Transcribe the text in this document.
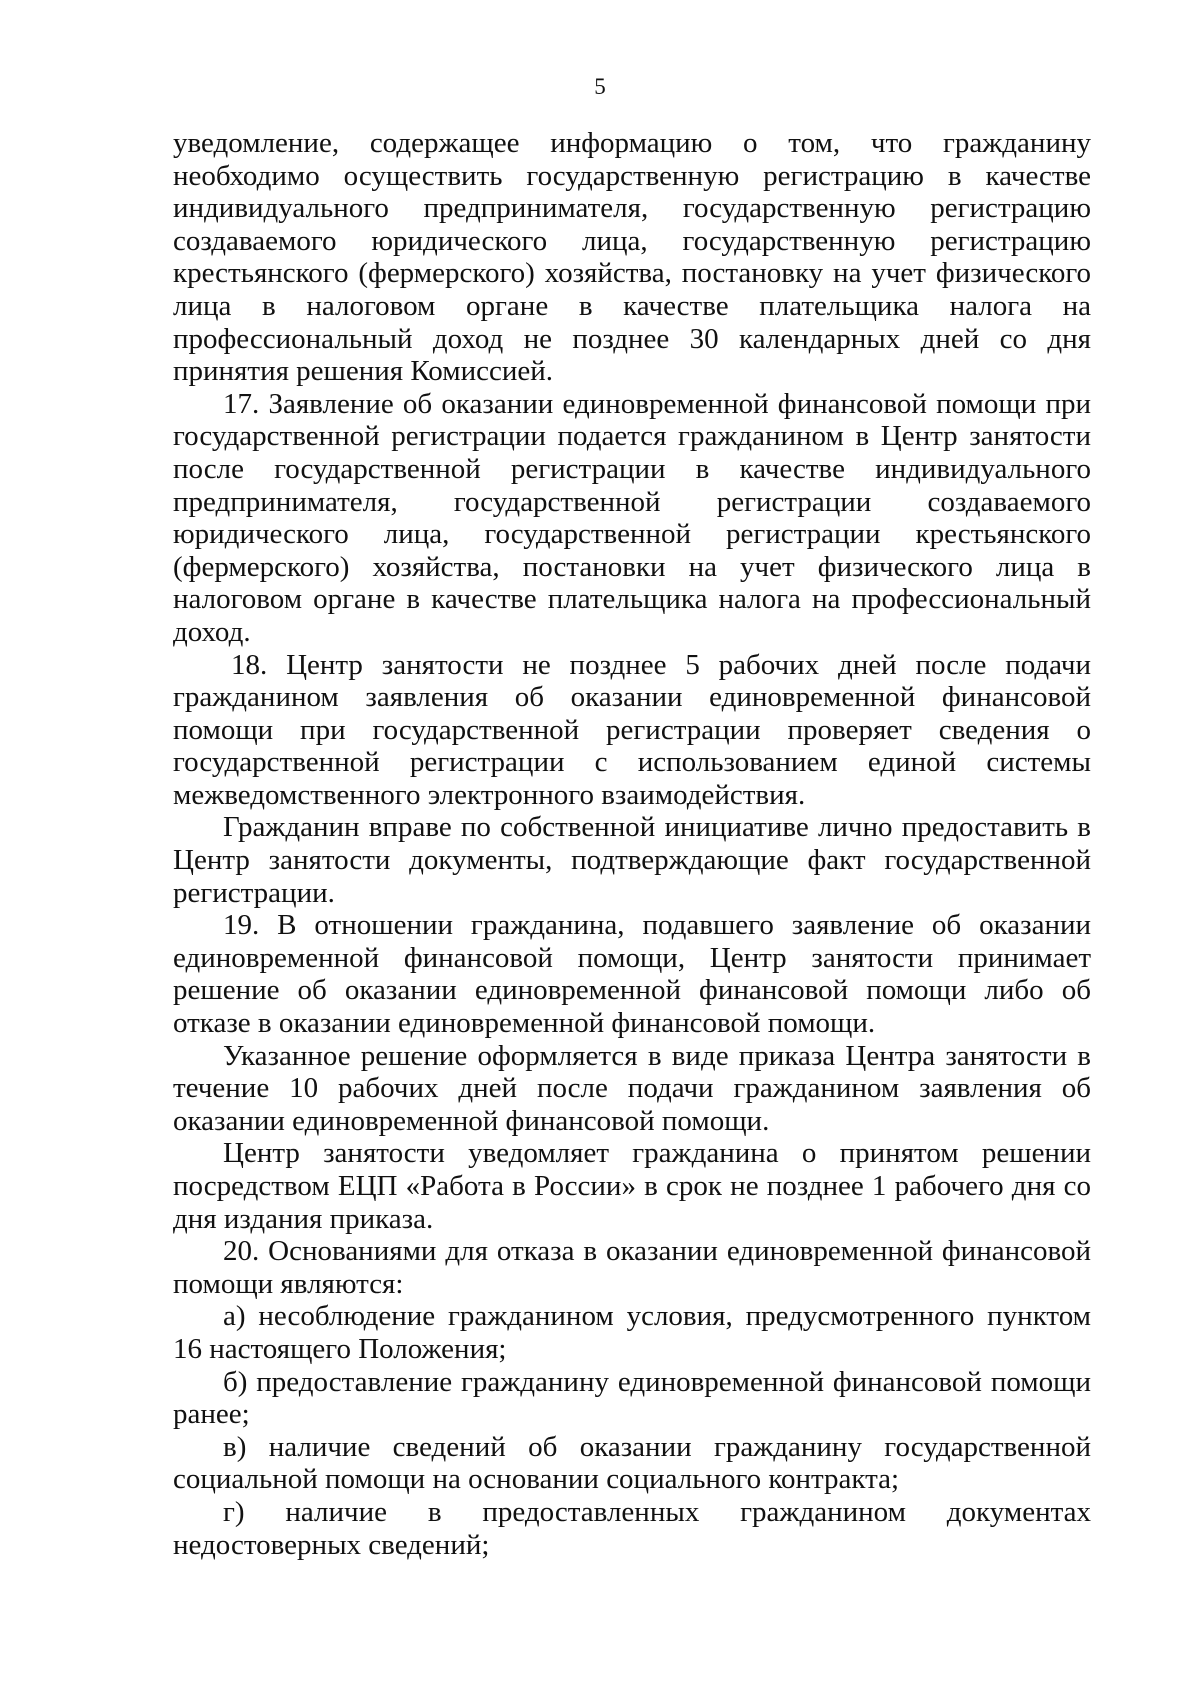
5

уведомление, содержащее информацию о том, что гражданину необходимо осуществить государственную регистрацию в качестве индивидуального предпринимателя, государственную регистрацию создаваемого юридического лица, государственную регистрацию крестьянского (фермерского) хозяйства, постановку на учет физического лица в налоговом органе в качестве плательщика налога на профессиональный доход не позднее 30 календарных дней со дня принятия решения Комиссией.

17. Заявление об оказании единовременной финансовой помощи при государственной регистрации подается гражданином в Центр занятости после государственной регистрации в качестве индивидуального предпринимателя, государственной регистрации создаваемого юридического лица, государственной регистрации крестьянского (фермерского) хозяйства, постановки на учет физического лица в налоговом органе в качестве плательщика налога на профессиональный доход.

18. Центр занятости не позднее 5 рабочих дней после подачи гражданином заявления об оказании единовременной финансовой помощи при государственной регистрации проверяет сведения о государственной регистрации с использованием единой системы межведомственного электронного взаимодействия.

Гражданин вправе по собственной инициативе лично предоставить в Центр занятости документы, подтверждающие факт государственной регистрации.

19. В отношении гражданина, подавшего заявление об оказании единовременной финансовой помощи, Центр занятости принимает решение об оказании единовременной финансовой помощи либо об отказе в оказании единовременной финансовой помощи.

Указанное решение оформляется в виде приказа Центра занятости в течение 10 рабочих дней после подачи гражданином заявления об оказании единовременной финансовой помощи.

Центр занятости уведомляет гражданина о принятом решении посредством ЕЦП «Работа в России» в срок не позднее 1 рабочего дня со дня издания приказа.

20. Основаниями для отказа в оказании единовременной финансовой помощи являются:

а) несоблюдение гражданином условия, предусмотренного пунктом 16 настоящего Положения;

б) предоставление гражданину единовременной финансовой помощи ранее;

в) наличие сведений об оказании гражданину государственной социальной помощи на основании социального контракта;

г) наличие в предоставленных гражданином документах недостоверных сведений;
